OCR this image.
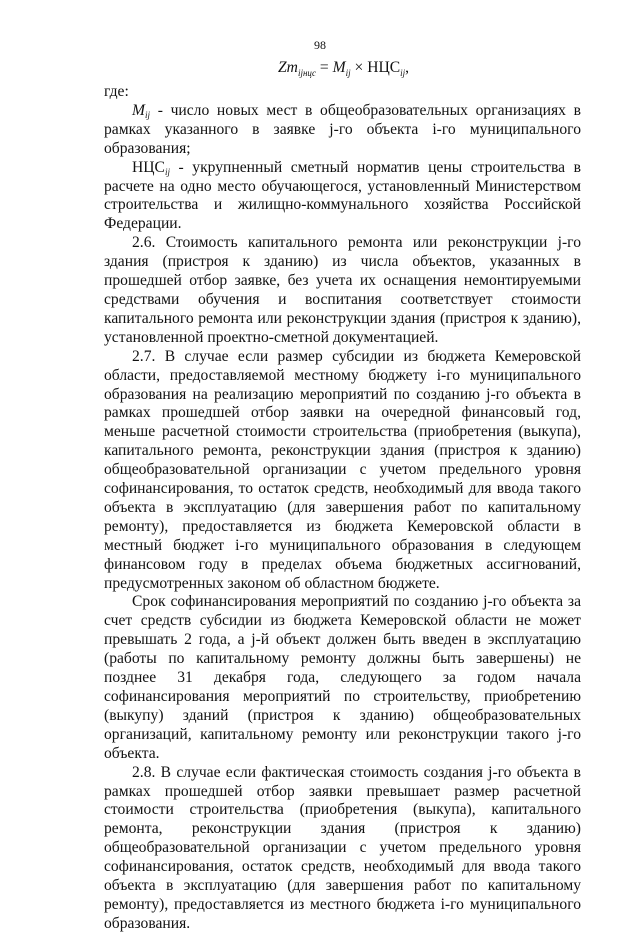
98
$Zm_{ijнцс} = M_{ij} \times НЦС_{ij}$,

где:

$M_{ij}$ - число новых мест в общеобразовательных организациях в рамках указанного в заявке j-го объекта i-го муниципального образования;

$НЦС_{ij}$ - укрупненный сметный норматив цены строительства в расчете на одно место обучающегося, установленный Министерством строительства и жилищно-коммунального хозяйства Российской Федерации.

2.6. Стоимость капитального ремонта или реконструкции j-го здания (пристроя к зданию) из числа объектов, указанных в прошедшей отбор заявке, без учета их оснащения немонтируемыми средствами обучения и воспитания соответствует стоимости капитального ремонта или реконструкции здания (пристроя к зданию), установленной проектно-сметной документацией.

2.7. В случае если размер субсидии из бюджета Кемеровской области, предоставляемой местному бюджету i-го муниципального образования на реализацию мероприятий по созданию j-го объекта в рамках прошедшей отбор заявки на очередной финансовый год, меньше расчетной стоимости строительства (приобретения (выкупа), капитального ремонта, реконструкции здания (пристроя к зданию) общеобразовательной организации с учетом предельного уровня софинансирования, то остаток средств, необходимый для ввода такого объекта в эксплуатацию (для завершения работ по капитальному ремонту), предоставляется из бюджета Кемеровской области в местный бюджет i-го муниципального образования в следующем финансовом году в пределах объема бюджетных ассигнований, предусмотренных законом об областном бюджете.

Срок софинансирования мероприятий по созданию j-го объекта за счет средств субсидии из бюджета Кемеровской области не может превышать 2 года, а j-й объект должен быть введен в эксплуатацию (работы по капитальному ремонту должны быть завершены) не позднее 31 декабря года, следующего за годом начала софинансирования мероприятий по строительству, приобретению (выкупу) зданий (пристроя к зданию) общеобразовательных организаций, капитальному ремонту или реконструкции такого j-го объекта.

2.8. В случае если фактическая стоимость создания j-го объекта в рамках прошедшей отбор заявки превышает размер расчетной стоимости строительства (приобретения (выкупа), капитального ремонта, реконструкции здания (пристроя к зданию) общеобразовательной организации с учетом предельного уровня софинансирования, остаток средств, необходимый для ввода такого объекта в эксплуатацию (для завершения работ по капитальному ремонту), предоставляется из местного бюджета i-го муниципального образования.
